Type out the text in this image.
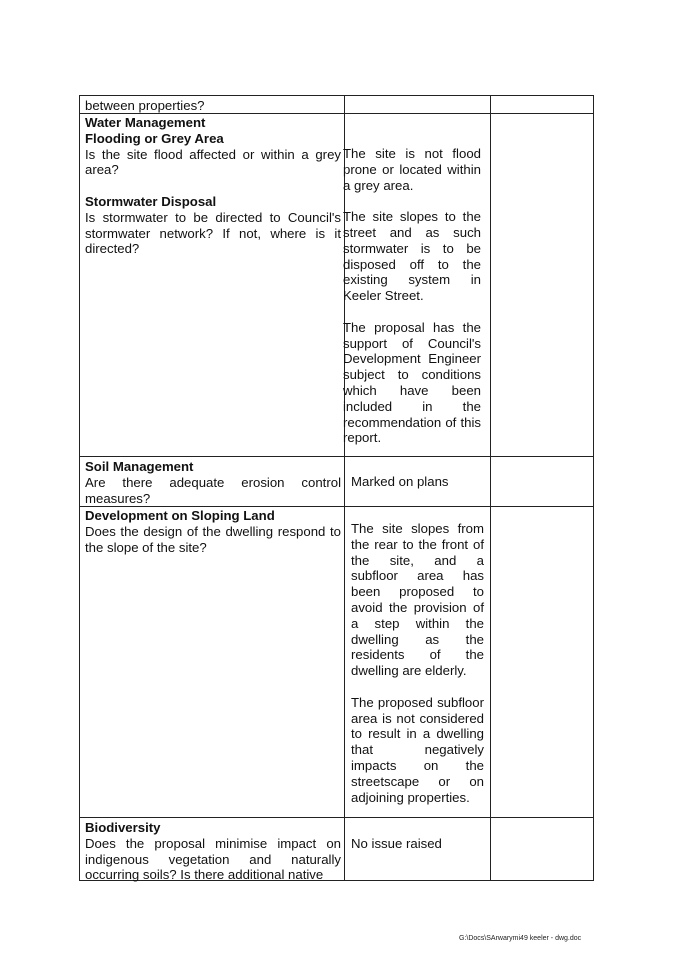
between properties?
Water Management
Flooding or Grey Area
Is the site flood affected or within a grey area?
Stormwater Disposal
Is stormwater to be directed to Council's stormwater network? If not, where is it directed?
The site is not flood prone or located within a grey area.
The site slopes to the street and as such stormwater is to be disposed off to the existing system in Keeler Street.
The proposal has the support of Council's Development Engineer subject to conditions which have been included in the recommendation of this report.
Soil Management
Are there adequate erosion control measures?
Marked on plans
Development on Sloping Land
Does the design of the dwelling respond to the slope of the site?
The site slopes from the rear to the front of the site, and a subfloor area has been proposed to avoid the provision of a step within the dwelling as the residents of the dwelling are elderly.
The proposed subfloor area is not considered to result in a dwelling that negatively impacts on the streetscape or on adjoining properties.
Biodiversity
Does the proposal minimise impact on indigenous vegetation and naturally occurring soils? Is there additional native
No issue raised
G:\Docs\SArwarymi49 keeler - dwg.doc
